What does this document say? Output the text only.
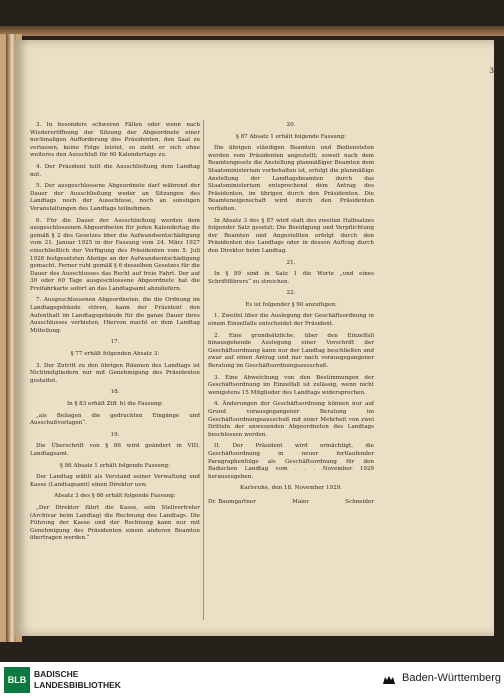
3

3. In besonders schweren Fällen oder wenn nach Wiedereröffnung der Sitzung der Abgeordnete einer nochmaligen Aufforderung des Präsidenten, den Saal zu verlassen, keine Folge leistet, so zieht er sich ohne weiteres den Ausschluß für 60 Kalendertage zu.

4. Der Präsident teilt die Ausschließung dem Landtag mit.

5. Der ausgeschlossene Abgeordnete darf während der Dauer der Ausschließung weder an Sitzungen des Landtags noch der Ausschüsse, noch an sonstigen Veranstaltungen des Landtags teilnehmen.

6. Für die Dauer der Ausschließung werden dem ausgeschlossenen Abgeordneten für jeden Kalendertag die gemäß § 2 des Gesetzes über die Aufwandsentschädigung vom 21. Januar 1925 in der Fassung vom 24. März 1927 einschließlich der Verfügung des Präsidenten vom 5. Juli 1928 festgesetzten Abzüge an der Aufwandsentschädigung gemacht. Ferner ruht gemäß § 6 desselben Gesetzes für die Dauer des Ausschlusses das Recht auf freie Fahrt. Der auf 30 oder 60 Tage ausgeschlossene Abgeordnete hat die Freifahrkarte sofort an das Landtagsamt abzuliefern.

7. Ausgeschlossenen Abgeordneten, die die Ordnung im Landtagsgebäude stören, kann der Präsident den Aufenthalt im Landtagsgebäude für die ganze Dauer ihres Ausschlusses verbieten. Hiervon macht er dem Landtag Mitteilung.

17.

§ 77 erhält folgenden Absatz 3:

3. Der Zutritt zu den übrigen Räumen des Landtags ist Nichtmitgliedern nur mit Genehmigung des Präsidenten gestattet.

18.

In § 83 erhält Ziff. b) die Fassung:

„als Beilagen die gedruckten Eingänge und Ausschußvorlagen“.

19.

Die Überschrift von § 86 wird geändert in VIII. Landtagsamt.

§ 86 Absatz 1 erhält folgende Fassung:

Der Landtag wählt als Vorstand seiner Verwaltung und Kasse (Landtagsamt) einen Direktor usw.

Absatz 3 des § 86 erhält folgende Fassung:

„Der Direktor führt die Kasse, sein Stellvertreter (Archivar beim Landtag) die Rechnung des Landtags. Die Führung der Kasse und der Rechnung kann nur mit Genehmigung des Präsidenten einem anderen Beamten übertragen werden.“

20.

§ 87 Absatz 1 erhält folgende Fassung:

Die übrigen ständigen Beamten und Bediensteten werden vom Präsidenten angestellt; soweit nach dem Beamtengesetz die Anstellung planmäßiger Beamten dem Staatsministerium vorbehalten ist, erfolgt die planmäßige Anstellung der Landtagsbeamten durch das Staatsministerium entsprechend dem Antrag des Präsidenten, im übrigen durch den Präsidenten. Die Beamteneigenschaft wird durch den Präsidenten verliehen.

In Absatz 3 des § 87 wird statt des zweiten Halbsatzes folgender Satz gesetzt: Die Beeidigung und Verpflichtung der Beamten und Angestellten erfolgt durch den Präsidenten des Landtags oder in dessen Auftrag durch den Direktor beim Landtag.

21.

In § 89 sind in Satz 1 die Worte „und eines Schriftführers“ zu streichen.

22.

Es ist folgender § 90 anzufügen:

1. Zweifel über die Auslegung der Geschäftsordnung in einem Einzelfalle entscheidet der Präsident.

2. Eine grundsätzliche, über den Einzelfall hinausgehende Auslegung einer Vorschrift der Geschäftsordnung kann nur der Landtag beschließen und zwar auf einen Antrag und nur nach vorausgegangener Beratung im Geschäftsordnungsausschuß.

3. Eine Abweichung von den Bestimmungen der Geschäftsordnung im Einzelfall ist zulässig, wenn nicht wenigstens 15 Mitglieder des Landtags widersprechen.

4. Änderungen der Geschäftsordnung können nur auf Grund vorausgegangener Beratung im Geschäftsordnungsausschuß mit einer Mehrheit von zwei Dritteln der anwesenden Abgeordneten des Landtags beschlossen werden.

II. Der Präsident wird ermächtigt, die Geschäftsordnung in neuer fortlaufender Paragraphenfolge als Geschäftsordnung für den Badischen Landtag vom . . . November 1929 herauszugeben.

Karlsruhe, den 18. November 1929.

Dr. Baumgartner	Maier	Schneider
BLB
BADISCHE
LANDESBIBLIOTHEK
Baden-Württemberg
